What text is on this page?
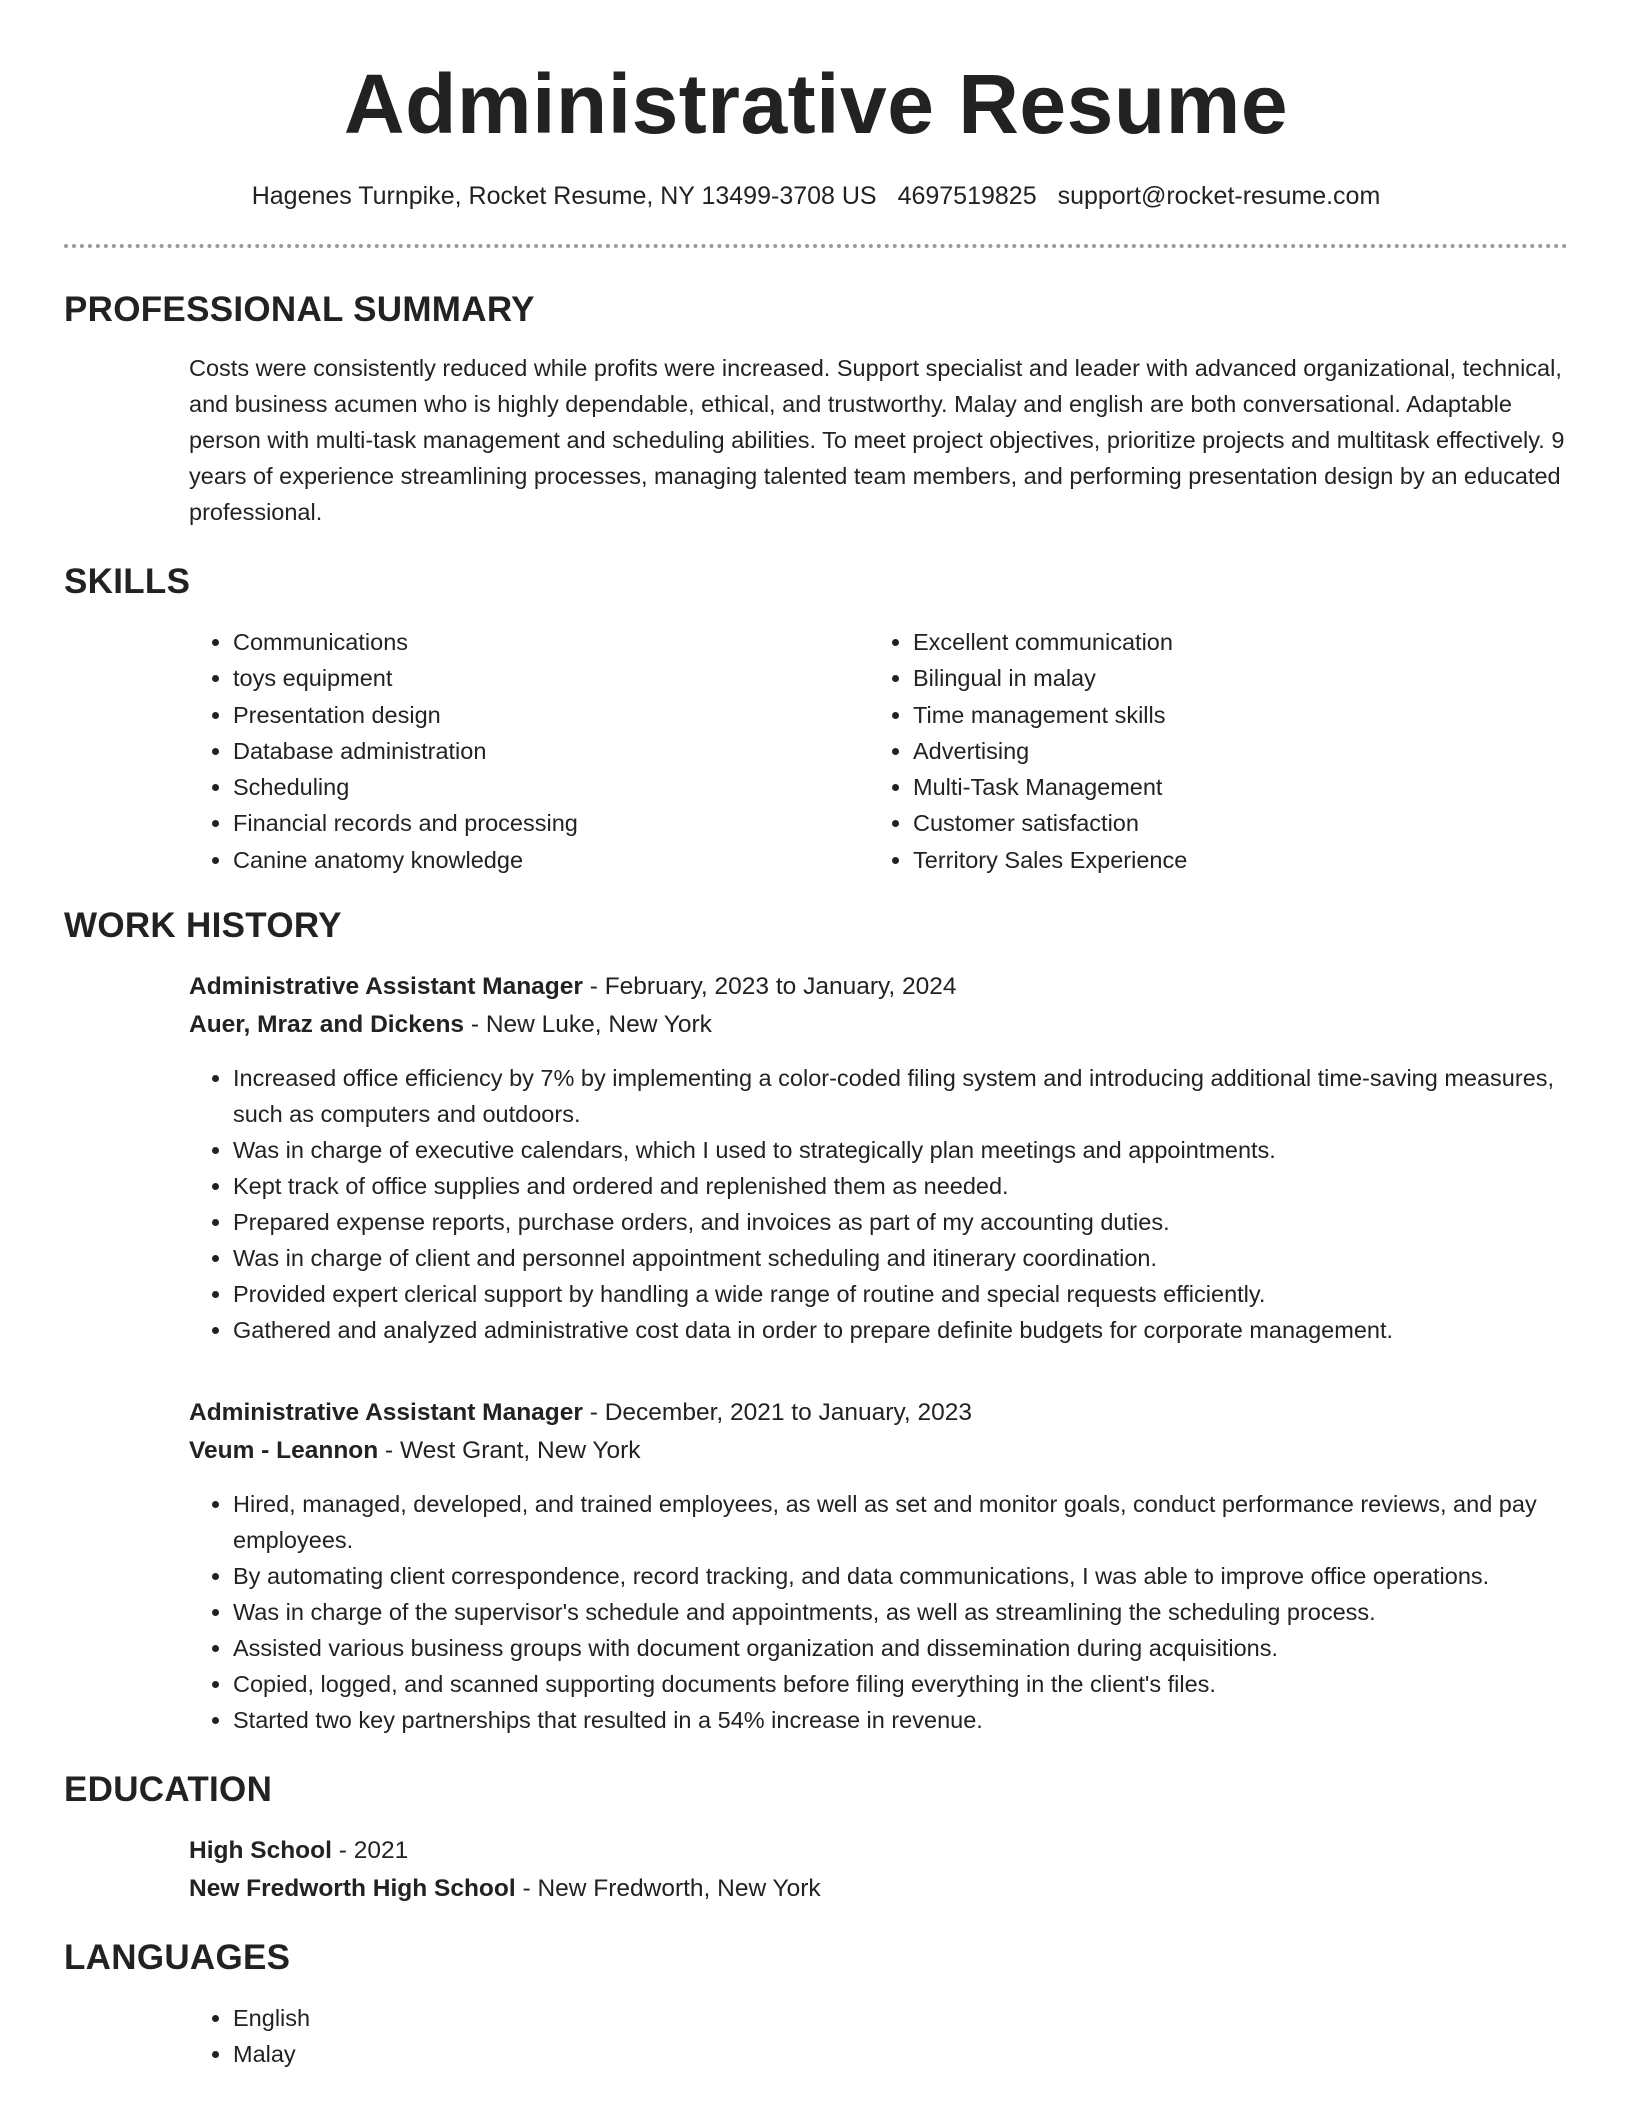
Administrative Resume
Hagenes Turnpike, Rocket Resume, NY 13499-3708 US 4697519825 support@rocket-resume.com
PROFESSIONAL SUMMARY

Costs were consistently reduced while profits were increased. Support specialist and leader with advanced organizational, technical, and business acumen who is highly dependable, ethical, and trustworthy. Malay and english are both conversational. Adaptable person with multi-task management and scheduling abilities. To meet project objectives, prioritize projects and multitask effectively. 9 years of experience streamlining processes, managing talented team members, and performing presentation design by an educated professional.

SKILLS
• Communications
• toys equipment
• Presentation design
• Database administration
• Scheduling
• Financial records and processing
• Canine anatomy knowledge
• Excellent communication
• Bilingual in malay
• Time management skills
• Advertising
• Multi-Task Management
• Customer satisfaction
• Territory Sales Experience
WORK HISTORY
Administrative Assistant Manager - February, 2023 to January, 2024
Auer, Mraz and Dickens - New Luke, New York
• Increased office efficiency by 7% by implementing a color-coded filing system and introducing additional time-saving measures, such as computers and outdoors.
• Was in charge of executive calendars, which I used to strategically plan meetings and appointments.
• Kept track of office supplies and ordered and replenished them as needed.
• Prepared expense reports, purchase orders, and invoices as part of my accounting duties.
• Was in charge of client and personnel appointment scheduling and itinerary coordination.
• Provided expert clerical support by handling a wide range of routine and special requests efficiently.
• Gathered and analyzed administrative cost data in order to prepare definite budgets for corporate management.
Administrative Assistant Manager - December, 2021 to January, 2023
Veum - Leannon - West Grant, New York
• Hired, managed, developed, and trained employees, as well as set and monitor goals, conduct performance reviews, and pay employees.
• By automating client correspondence, record tracking, and data communications, I was able to improve office operations.
• Was in charge of the supervisor's schedule and appointments, as well as streamlining the scheduling process.
• Assisted various business groups with document organization and dissemination during acquisitions.
• Copied, logged, and scanned supporting documents before filing everything in the client's files.
• Started two key partnerships that resulted in a 54% increase in revenue.
EDUCATION
High School - 2021
New Fredworth High School - New Fredworth, New York
LANGUAGES
• English
• Malay
